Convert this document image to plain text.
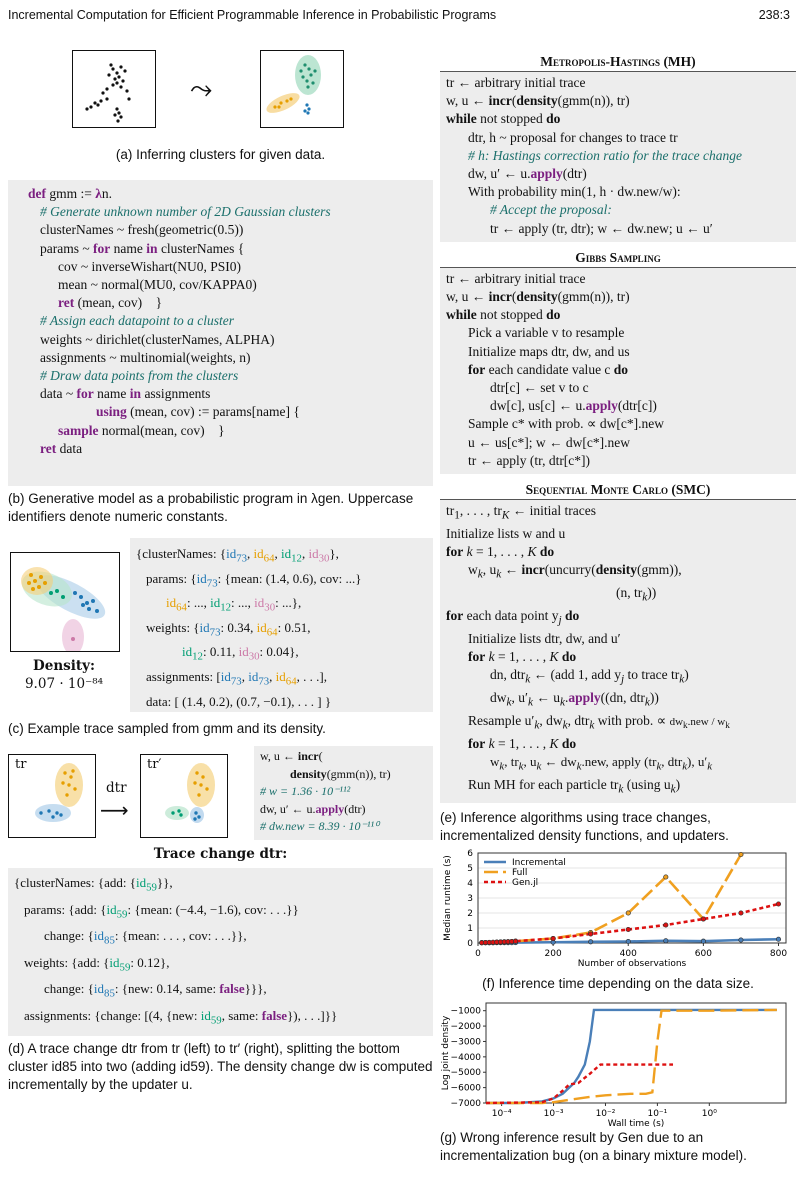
Incremental Computation for Efficient Programmable Inference in Probabilistic Programs	238:3
⤳
(a) Inferring clusters for given data.
def gmm := λn.
# Generate unknown number of 2D Gaussian clusters
clusterNames ~ fresh(geometric(0.5))
params ~ for name in clusterNames {
cov ~ inverseWishart(NU0, PSI0)
mean ~ normal(MU0, cov/KAPPA0)
ret (mean, cov)    }
# Assign each datapoint to a cluster
weights ~ dirichlet(clusterNames, ALPHA)
assignments ~ multinomial(weights, n)
# Draw data points from the clusters
data ~ for name in assignments
using (mean, cov) := params[name] {
sample normal(mean, cov)    }
ret data
(b) Generative model as a probabilistic program in λgen. Uppercase identifiers denote numeric constants.
Density:
9.07 · 10⁻⁸⁴
{clusterNames: {$id_{73}$, $id_{64}$, $id_{12}$, $id_{30}$},
params: {$id_{73}$: {mean: (1.4, 0.6), cov: ...}
$id_{64}$: ..., $id_{12}$: ..., $id_{30}$: ...},
weights: {$id_{73}$: 0.34, $id_{64}$: 0.51,
$id_{12}$: 0.11, $id_{30}$: 0.04},
assignments: [$id_{73}$, $id_{73}$, $id_{64}$, . . .],
data: [ (1.4, 0.2), (0.7, −0.1), . . . ] }
(c) Example trace sampled from gmm and its density.
tr
dtr
⟶
tr′
w, u ← incr(
density(gmm(n)), tr)
# w = 1.36 · 10⁻¹¹²
dw, u′ ← u.apply(dtr)
# dw.new = 8.39 · 10⁻¹¹⁰
Trace change dtr:
{clusterNames: {add: $\{id_{59}\}$},
params: {add: {$id_{59}$: {mean: (−4.4, −1.6), cov: . . .}}
change: {$id_{85}$: {mean: . . . , cov: . . .}},
weights: {add: {$id_{59}$: 0.12},
change: {$id_{85}$: {new: 0.14, same: false}}},
assignments: {change: [(4, {new: $id_{59}$, same: false}), . . .]}}
(d) A trace change dtr from tr (left) to tr′ (right), splitting the bottom cluster id85 into two (adding id59). The density change dw is computed incrementally by the updater u.
Metropolis-Hastings (MH)
tr ← arbitrary initial trace
w, u ← incr(density(gmm(n)), tr)
while not stopped do
dtr, h ~ proposal for changes to trace tr
# h: Hastings correction ratio for the trace change
dw, u′ ← u.apply(dtr)
With probability min(1, h · dw.new/w):
# Accept the proposal:
tr ← apply (tr, dtr); w ← dw.new; u ← u′
Gibbs Sampling
tr ← arbitrary initial trace
w, u ← incr(density(gmm(n)), tr)
while not stopped do
Pick a variable v to resample
Initialize maps dtr, dw, and us
for each candidate value c do
dtr[c] ← set v to c
dw[c], us[c] ← u.apply(dtr[c])
Sample c* with prob. ∝ dw[c*].new
u ← us[c*]; w ← dw[c*].new
tr ← apply (tr, dtr[c*])
Sequential Monte Carlo (SMC)
$tr_1$, . . . , $tr_K$ ← initial traces
Initialize lists w and u
for k = 1, . . . , K do
$w_k$, $u_k$ ← incr(uncurry(density(gmm)),
(n, $tr_k$))
for each data point $y_j$ do
Initialize lists dtr, dw, and u′
for k = 1, . . . , K do
dn, dtr$_k$ ← (add 1, add $y_j$ to trace $tr_k$)
$dw_k$, $u'_k$ ← $u_k.apply((dn$, dtr$_k$))
Resample $u'_k$, $dw_k$, dtr$_k$ with prob. ∝ $dw_k.new / w_k$
for k = 1, . . . , K do
$w_k$, $tr_k$, $u_k$ ← $dw_k.new$, apply ($tr_k$, dtr$_k$), $u'_k$
Run MH for each particle $tr_k$ (using $u_k$)
(e) Inference algorithms using trace changes, incrementalized density functions, and updaters.
0
1
2
3
4
5
6
0	200	400	600	800
Number of observations
Median runtime (s)	Incremental
Full
Gen.jl
(f) Inference time depending on the data size.
−1000
−2000
−3000
−4000
−5000
−6000
−7000
10⁻⁴	10⁻³	10⁻²	10⁻¹	10⁰
Wall time (s)
Log joint density
(g) Wrong inference result by Gen due to an incrementalization bug (on a binary mixture model).
